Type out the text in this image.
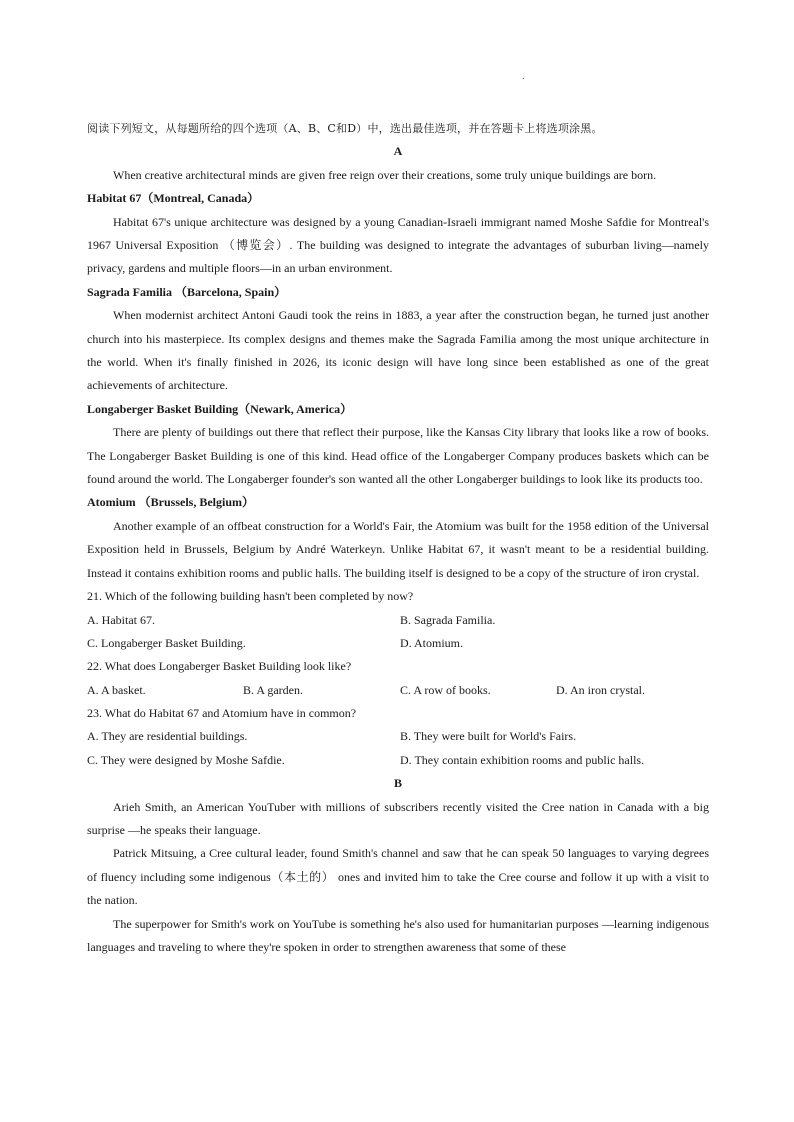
.

阅读下列短文，从每题所给的四个选项（A、B、C和D）中，选出最佳选项，并在答题卡上将选项涂黑。

A

When creative architectural minds are given free reign over their creations, some truly unique buildings are born.

Habitat 67（Montreal, Canada）

Habitat 67's unique architecture was designed by a young Canadian-Israeli immigrant named Moshe Safdie for Montreal's 1967 Universal Exposition （博览会）. The building was designed to integrate the advantages of suburban living—namely privacy, gardens and multiple floors—in an urban environment.

Sagrada Familia （Barcelona, Spain）

When modernist architect Antoni Gaudi took the reins in 1883, a year after the construction began, he turned just another church into his masterpiece. Its complex designs and themes make the Sagrada Familia among the most unique architecture in the world. When it's finally finished in 2026, its iconic design will have long since been established as one of the great achievements of architecture.

Longaberger Basket Building（Newark, America）

There are plenty of buildings out there that reflect their purpose, like the Kansas City library that looks like a row of books. The Longaberger Basket Building is one of this kind. Head office of the Longaberger Company produces baskets which can be found around the world. The Longaberger founder's son wanted all the other Longaberger buildings to look like its products too.

Atomium （Brussels, Belgium）

Another example of an offbeat construction for a World's Fair, the Atomium was built for the 1958 edition of the Universal Exposition held in Brussels, Belgium by André Waterkeyn. Unlike Habitat 67, it wasn't meant to be a residential building. Instead it contains exhibition rooms and public halls. The building itself is designed to be a copy of the structure of iron crystal.

21. Which of the following building hasn't been completed by now?

A. Habitat 67.	B. Sagrada Familia.
C. Longaberger Basket Building.	D. Atomium.

22. What does Longaberger Basket Building look like?

A. A basket.	B. A garden.	C. A row of books.	D. An iron crystal.

23. What do Habitat 67 and Atomium have in common?

A. They are residential buildings.	B. They were built for World's Fairs.
C. They were designed by Moshe Safdie.	D. They contain exhibition rooms and public halls.

B

Arieh Smith, an American YouTuber with millions of subscribers recently visited the Cree nation in Canada with a big surprise —he speaks their language.

Patrick Mitsuing, a Cree cultural leader, found Smith's channel and saw that he can speak 50 languages to varying degrees of fluency including some indigenous（本土的） ones and invited him to take the Cree course and follow it up with a visit to the nation.

The superpower for Smith's work on YouTube is something he's also used for humanitarian purposes —learning indigenous languages and traveling to where they're spoken in order to strengthen awareness that some of these
